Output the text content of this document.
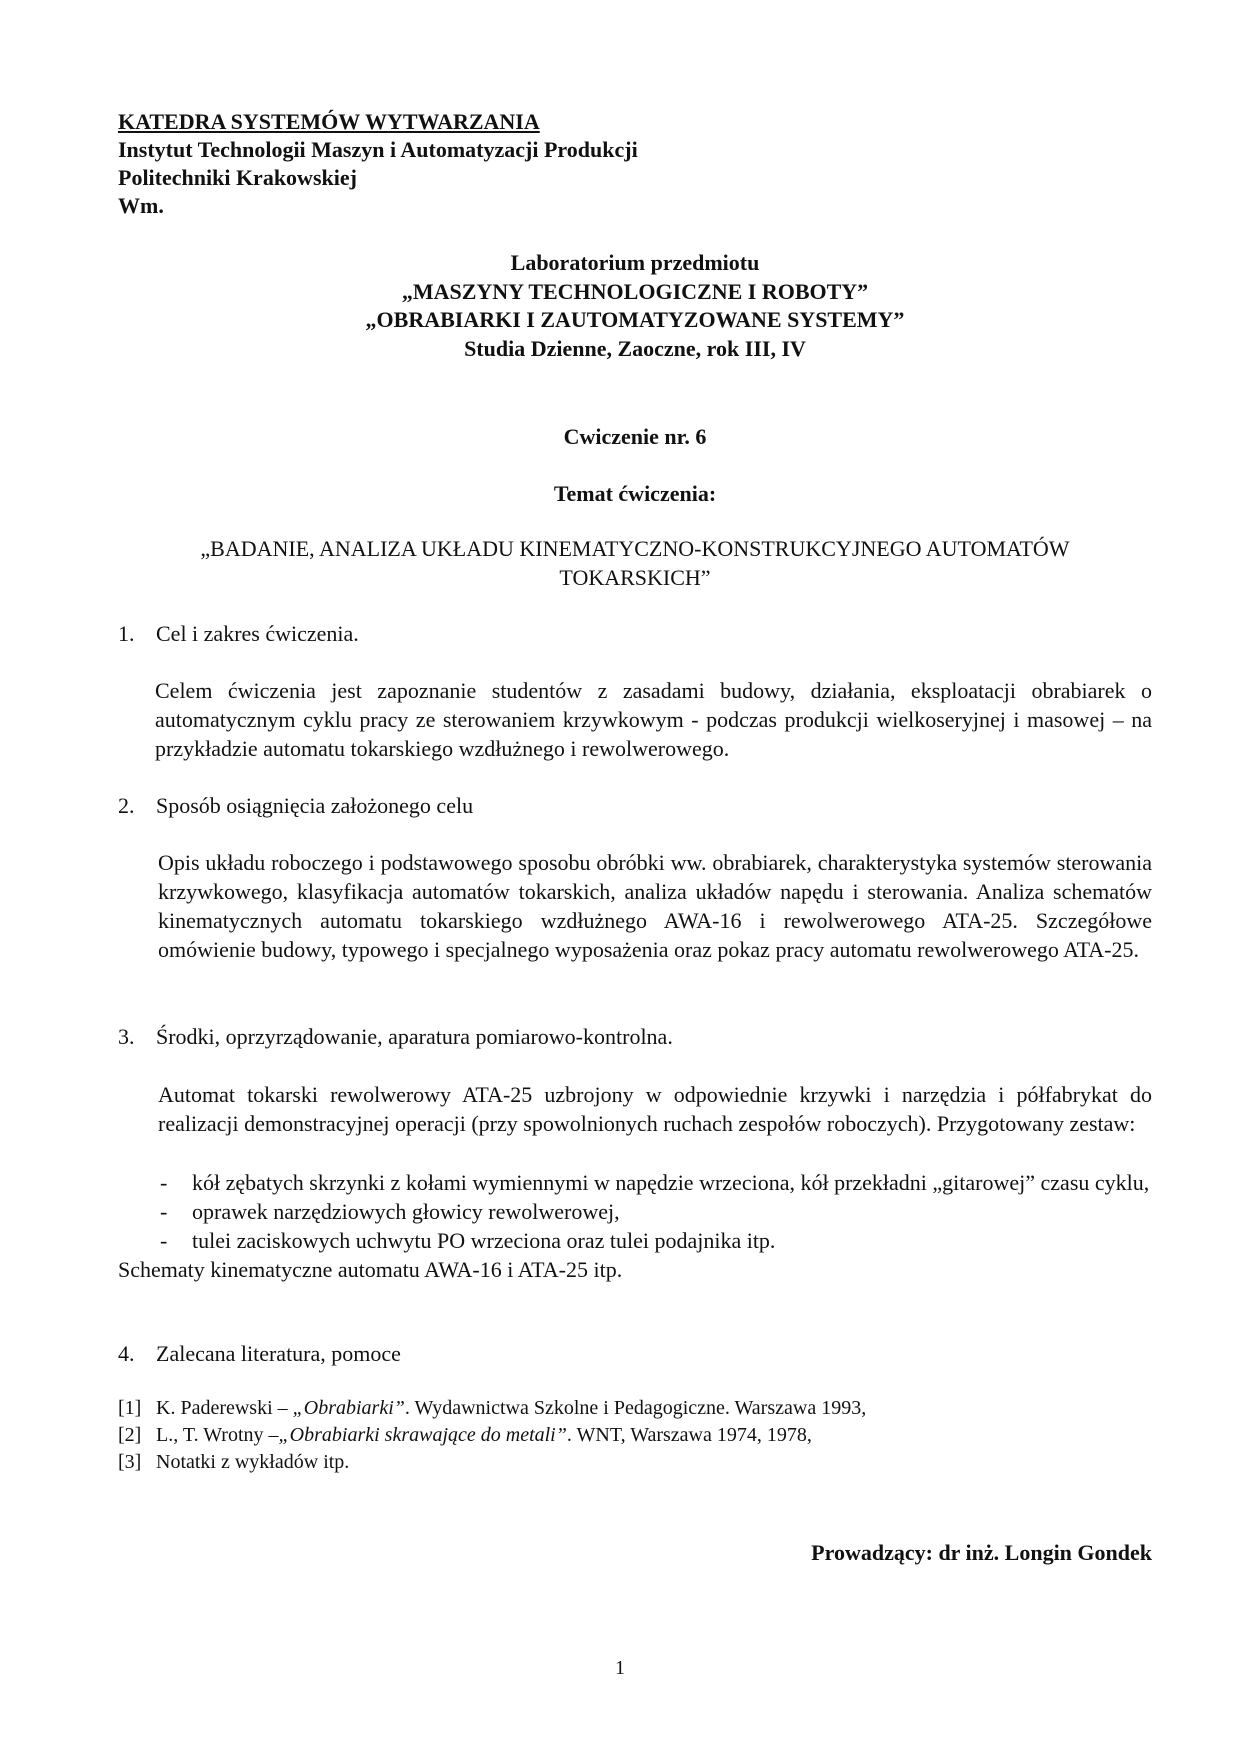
KATEDRA SYSTEMÓW WYTWARZANIA
Instytut Technologii Maszyn i Automatyzacji Produkcji
Politechniki Krakowskiej
Wm.
Laboratorium przedmiotu
„MASZYNY TECHNOLOGICZNE I ROBOTY”
„OBRABIARKI I ZAUTOMATYZOWANE SYSTEMY”
Studia Dzienne, Zaoczne, rok III, IV
Cwiczenie nr. 6
Temat ćwiczenia:
„BADANIE, ANALIZA UKŁADU KINEMATYCZNO-KONSTRUKCYJNEGO AUTOMATÓW
TOKARSKICH”
1. Cel i zakres ćwiczenia.
Celem ćwiczenia jest zapoznanie studentów z zasadami budowy, działania, eksploatacji obrabiarek o automatycznym cyklu pracy ze sterowaniem krzywkowym - podczas produkcji wielkoseryjnej i masowej – na przykładzie automatu tokarskiego wzdłużnego i rewolwerowego.
2. Sposób osiągnięcia założonego celu
Opis układu roboczego i podstawowego sposobu obróbki ww. obrabiarek, charakterystyka systemów sterowania krzywkowego, klasyfikacja automatów tokarskich, analiza układów napędu i sterowania. Analiza schematów kinematycznych automatu tokarskiego wzdłużnego AWA-16 i rewolwerowego ATA-25. Szczegółowe omówienie budowy, typowego i specjalnego wyposażenia oraz pokaz pracy automatu rewolwerowego ATA-25.
3. Środki, oprzyrządowanie, aparatura pomiarowo-kontrolna.
Automat tokarski rewolwerowy ATA-25 uzbrojony w odpowiednie krzywki i narzędzia i półfabrykat do realizacji demonstracyjnej operacji (przy spowolnionych ruchach zespołów roboczych). Przygotowany zestaw:
-	kół zębatych skrzynki z kołami wymiennymi w napędzie wrzeciona, kół przekładni „gitarowej” czasu cyklu,
-	oprawek narzędziowych głowicy rewolwerowej,
-	tulei zaciskowych uchwytu PO wrzeciona oraz tulei podajnika itp.
Schematy kinematyczne automatu AWA-16 i ATA-25 itp.
4. Zalecana literatura, pomoce
[1] K. Paderewski – „Obrabiarki”. Wydawnictwa Szkolne i Pedagogiczne. Warszawa 1993,
[2] L., T. Wrotny –„Obrabiarki skrawające do metali”. WNT, Warszawa 1974, 1978,
[3] Notatki z wykładów itp.
Prowadzący: dr inż. Longin Gondek
1
